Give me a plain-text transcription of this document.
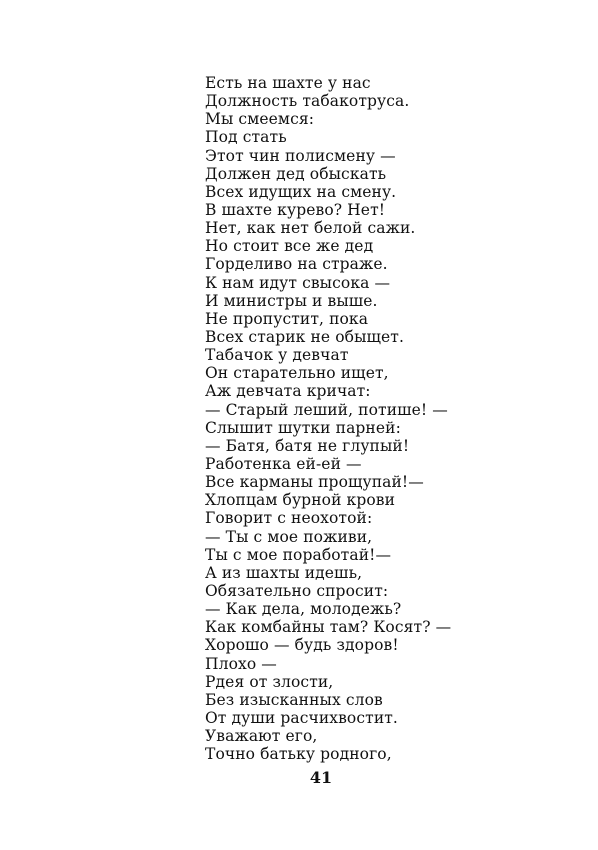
Есть на шахте у нас
Должность табакотруса.
Мы смеемся:
Под стать
Этот чин полисмену —
Должен дед обыскать
Всех идущих на смену.
В шахте курево? Нет!
Нет, как нет белой сажи.
Но стоит все же дед
Горделиво на страже.
К нам идут свысока —
И министры и выше.
Не пропустит, пока
Всех старик не обыщет.
Табачок у девчат
Он старательно ищет,
Аж девчата кричат:
— Старый леший, потише! —
Слышит шутки парней:
— Батя, батя не глупый!
Работенка ей-ей —
Все карманы прощупай!—
Хлопцам бурной крови
Говорит с неохотой:
— Ты с мое поживи,
Ты с мое поработай!—
А из шахты идешь,
Обязательно спросит:
— Как дела, молодежь?
Как комбайны там? Косят? —
Хорошо — будь здоров!
Плохо —
Рдея от злости,
Без изысканных слов
От души расчихвостит.
Уважают его,
Точно батьку родного,
41
